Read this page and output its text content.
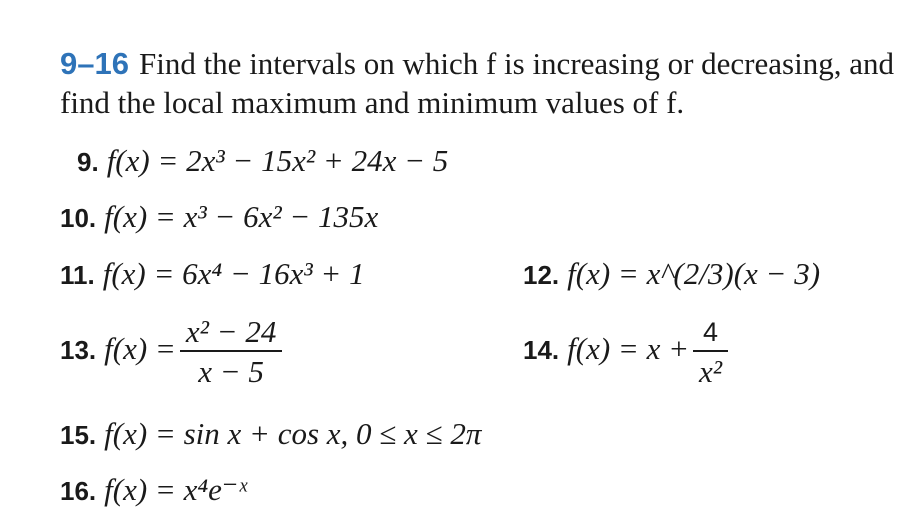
9–16 Find the intervals on which f is increasing or decreasing, and find the local maximum and minimum values of f.
9. f(x) = 2x³ − 15x² + 24x − 5
10. f(x) = x³ − 6x² − 135x
11. f(x) = 6x⁴ − 16x³ + 1	12. f(x) = x^(2/3)(x − 3)
13. $f(x) = \frac{\text{x² − 24}}{x - 5}$	14. $f(x) = x + \frac{4}{\text{x²}}$
15. f(x) = sin x + cos x, 0 ≤ x ≤ 2π
16. f(x) = x⁴e⁻ˣ
